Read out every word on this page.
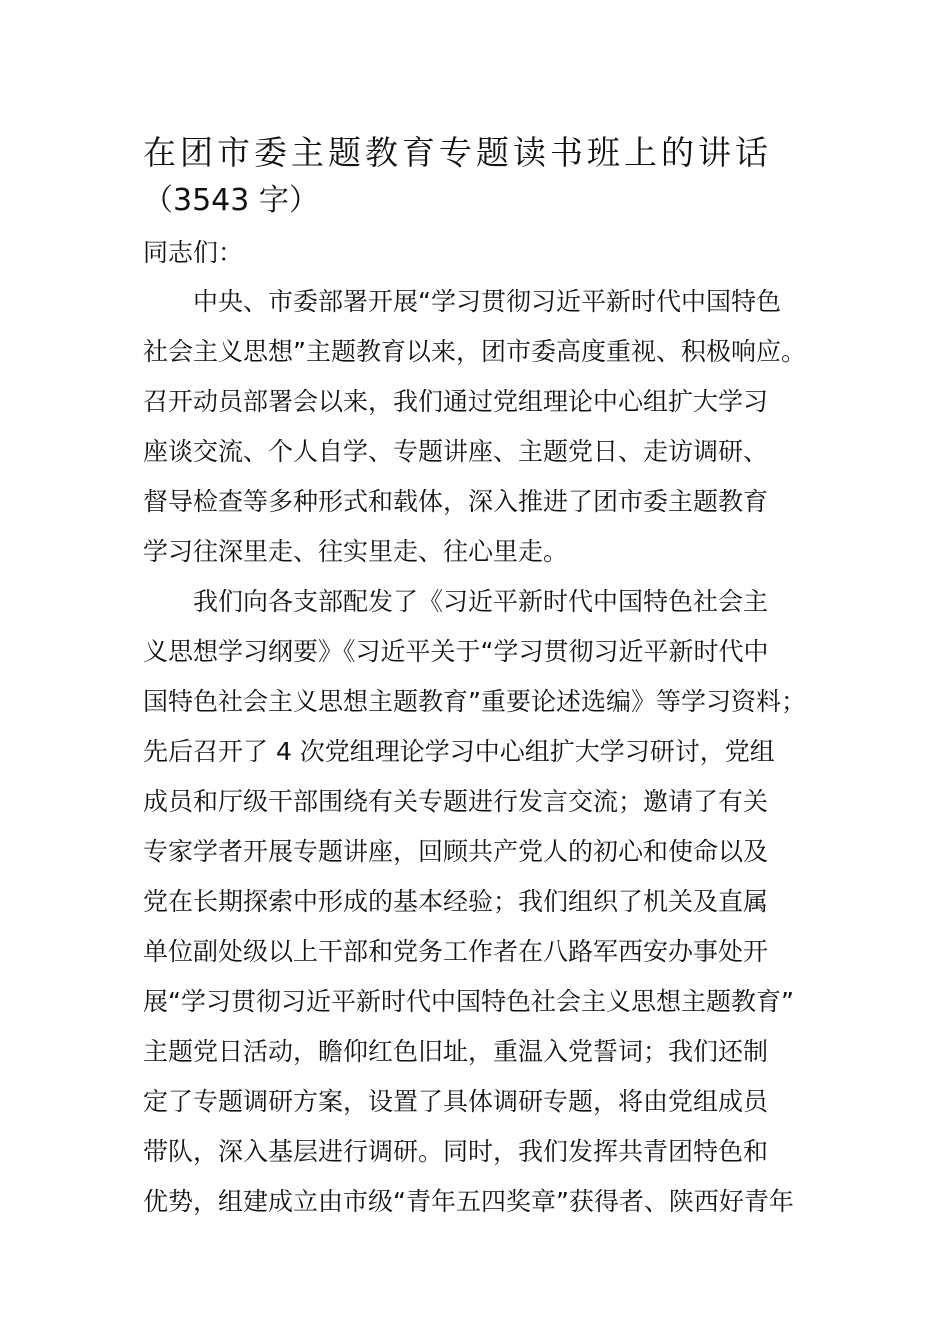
在团市委主题教育专题读书班上的讲话
（3543 字）
同志们：
中央、市委部署开展“学习贯彻习近平新时代中国特色
社会主义思想”主题教育以来，团市委高度重视、积极响应。
召开动员部署会以来，我们通过党组理论中心组扩大学习
座谈交流、个人自学、专题讲座、主题党日、走访调研、
督导检查等多种形式和载体，深入推进了团市委主题教育
学习往深里走、往实里走、往心里走。
我们向各支部配发了《习近平新时代中国特色社会主
义思想学习纲要》《习近平关于“学习贯彻习近平新时代中
国特色社会主义思想主题教育”重要论述选编》等学习资料；
先后召开了 4 次党组理论学习中心组扩大学习研讨，党组
成员和厅级干部围绕有关专题进行发言交流；邀请了有关
专家学者开展专题讲座，回顾共产党人的初心和使命以及
党在长期探索中形成的基本经验；我们组织了机关及直属
单位副处级以上干部和党务工作者在八路军西安办事处开
展“学习贯彻习近平新时代中国特色社会主义思想主题教育”
主题党日活动，瞻仰红色旧址，重温入党誓词；我们还制
定了专题调研方案，设置了具体调研专题，将由党组成员
带队，深入基层进行调研。同时，我们发挥共青团特色和
优势，组建成立由市级“青年五四奖章”获得者、陕西好青年
